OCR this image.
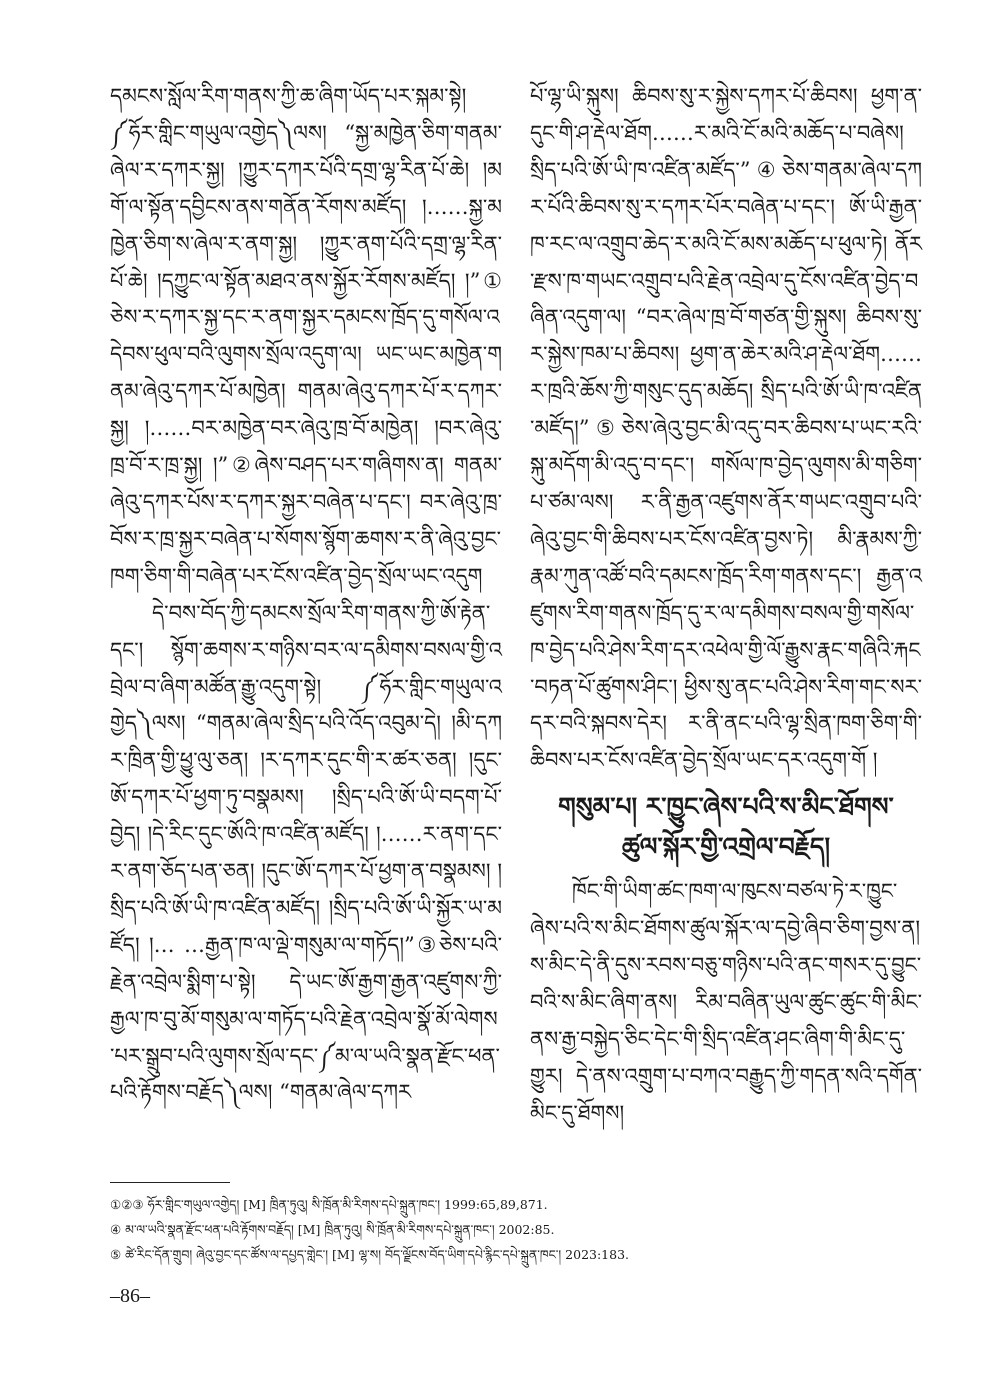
དམངས་སློལ་རིག་གནས་ཀྱི་ཆ་ཞིག་ཡོད་པར་སྐམ་སྟེ། ༼ཧོར་གླིང་གཡུལ་འགྱེད༽ལས། “སྐྱ་མཁྱེན་ཅིག་གནམ་ཞེལ་ར་དཀར་སྐྱ། །ཀྱུར་དཀར་པོའི་དགྲ་ལྷ་རིན་པོ་ཆེ། །མགོ་ལ་སྟོན་དབྱིངས་ནས་གནོན་རོགས་མཛོད། །……སྐྱ་མཁྱེན་ཅིག་ས་ཞེལ་ར་ནག་སྐྱ། །ཀྱུར་ནག་པོའི་དགྲ་ལྷ་རིན་པོ་ཆེ། །དཀྱུང་ལ་སྟོན་མཐའ་ནས་སྐྱོར་རོགས་མཛོད། །”①ཅེས་ར་དཀར་སྐྱ་དང་ར་ནག་སྐྱར་དམངས་ཁྲོད་དུ་གསོལ་འདེབས་ཕུལ་བའི་ལུགས་སྲོལ་འདུག་ལ། ཡང་ཡང་མཁྱེན་གནམ་ཞེའུ་དཀར་པོ་མཁྱེན། གནམ་ཞེའུ་དཀར་པོ་ར་དཀར་སྐྱ། །……བར་མཁྱེན་བར་ཞེའུ་ཁྲ་བོ་མཁྱེན། །བར་ཞེའུ་ཁྲ་བོ་ར་ཁྲ་སྐྱ། །”②ཞེས་བཤད་པར་གཞིགས་ན། གནམ་ཞེའུ་དཀར་པོས་ར་དཀར་སྐྱར་བཞེན་པ་དང་། བར་ཞེའུ་ཁྲ་བོས་ར་ཁྲ་སྐྱར་བཞེན་པ་སོགས་སྙོག་ཆགས་ར་ནི་ཞེའུ་བྱང་ཁག་ཅིག་གི་བཞེན་པར་ངོས་འཛིན་བྱེད་སྲོལ་ཡང་འདུག

དེ་བས་བོད་ཀྱི་དམངས་སྲོལ་རིག་གནས་ཀྱི་ཨོ་རྟེན་དང་། སྙོག་ཆགས་ར་གཉིས་བར་ལ་དམིགས་བསལ་གྱི་འབྲེལ་བ་ཞིག་མཚོན་རྒྱུ་འདུག་སྟེ། ༼ཧོར་གླིང་གཡུལ་འགྱེད༽ལས། “གནམ་ཞེལ་སྲིད་པའི་འོད་འབུམ་དེ། །མི་དཀར་ཁྲིན་གྱི་ཕྱུ་ལུ་ཅན། །ར་དཀར་དུང་གི་ར་ཚར་ཅན། །དུང་ཨོ་དཀར་པོ་ཕྱག་ཏུ་བསྣམས། །སྲིད་པའི་ཨོ་ཡི་བདག་པོ་བྱེད། །དེ་རིང་དུང་ཨོའི་ཁ་འཛིན་མཛོད། །……ར་ནག་དང་ར་ནག་ཅོད་པན་ཅན། །དུང་ཨོ་དཀར་པོ་ཕྱག་ན་བསྣམས། །སྲིད་པའི་ཨོ་ཡི་ཁ་འཛིན་མཛོད། །སྲིད་པའི་ཨོ་ཡི་སྐྱོར་ཡ་མཛོད། །… …རྒྱན་ཁ་ལ་ལྡེ་གསུམ་ལ་གཏོད།”③ཅེས་པའི་རྗེན་འབྲེལ་སྨིག་པ་སྟེ། དེ་ཡང་ཨོ་རྒྱག་རྒྱན་འཛུགས་ཀྱི་རྒྱལ་ཁ་བུ་མོ་གསུམ་ལ་གཏོད་པའི་རྗེན་འབྲེལ་སྣོ་མོ་ལེགས་པར་སྒྲུབ་པའི་ལུགས་སྲོལ་དང་༼མ་ལ་ཡའི་སྣན་རྫོང་ཕན་པའི་རྟོགས་བརྗོད༽ལས། “གནམ་ཞེལ་དཀར

པོ་ལྷ་ཡི་སྐུས། ཆིབས་སུ་ར་སྐྱེས་དཀར་པོ་ཆིབས། ཕྱག་ན་དུང་གི་ཤ་རྡེལ་ཐོག……ར་མའི་ངོ་མའི་མཆོད་པ་བཞེས། སྲིད་པའི་ཨོ་ཡི་ཁ་འཛིན་མཛོད་”④ཅེས་གནམ་ཞེལ་དཀར་པོའི་ཆིབས་སུ་ར་དཀར་པོར་བཞེན་པ་དང་། ཨོ་ཡི་རྒྱན་ཁ་རང་ལ་འགྲུབ་ཆེད་ར་མའི་ངོ་མས་མཆོད་པ་ཕུལ་ཏེ། ནོར་རྫས་ཁ་གཡང་འགྲུབ་པའི་རྗེན་འབྲེལ་དུ་ངོས་འཛིན་བྱེད་བཞིན་འདུག་ལ། “བར་ཞེལ་ཁྲ་བོ་གཙན་གྱི་སྐུས། ཆིབས་སུ་ར་སྐྱེས་ཁམ་པ་ཆིབས། ཕྱག་ན་ཆེར་མའི་ཤ་རྡེལ་ཐོག……ར་ཁྲའི་ཆོས་ཀྱི་གསུང་དུད་མཆོད། སྲིད་པའི་ཨོ་ཡི་ཁ་འཛིན་མཛོད།”⑤ཅེས་ཞེའུ་བྱང་མི་འདུ་བར་ཆིབས་པ་ཡང་རའི་སྐུ་མདོག་མི་འདུ་བ་དང་། གསོལ་ཁ་བྱེད་ལུགས་མི་གཅིག་པ་ཙམ་ལས། ར་ནི་རྒྱན་འཛུགས་ནོར་གཡང་འགྲུབ་པའི་ཞེའུ་བྱང་གི་ཆིབས་པར་ངོས་འཛིན་བྱས་ཏེ། མི་རྣམས་ཀྱི་རྣམ་ཀུན་འཚོ་བའི་དམངས་ཁྲོད་རིག་གནས་དང་། རྒྱན་འཛུགས་རིག་གནས་ཁྲོད་དུ་ར་ལ་དམིགས་བསལ་གྱི་གསོལ་ཁ་བྱེད་པའི་ཤེས་རིག་དར་འཕེལ་གྱི་ལོ་རྒྱུས་རྣང་གཞིའི་རྐང་བཏན་པོ་ཚུགས་ཤིང་། ཕྱིས་སུ་ནང་པའི་ཤེས་རིག་གང་སར་དར་བའི་སྐབས་དེར། ར་ནི་ནང་པའི་ལྷ་སྲིན་ཁག་ཅིག་གི་ཆིབས་པར་ངོས་འཛིན་བྱེད་སྲོལ་ཡང་དར་འདུག་གོ །

གསུམ་པ། ར་ཁྱུང་ཞེས་པའི་ས་མིང་ཐོགས་
ཚུལ་སྐོར་གྱི་འགྲེལ་བརྗོད།

ཁོང་གི་ཡིག་ཚང་ཁག་ལ་ཁུངས་བཙལ་ཏེ་ར་ཁྱུང་ཞེས་པའི་ས་མིང་ཐོགས་ཚུལ་སྐོར་ལ་དབྱེ་ཞིབ་ཅིག་བྱས་ན། ས་མིང་དེ་ནི་དུས་རབས་བཅུ་གཉིས་པའི་ནང་གསར་དུ་བྱུང་བའི་ས་མིང་ཞིག་ནས། རིམ་བཞིན་ཡུལ་ཚུང་ཚུང་གི་མིང་ནས་རྒྱ་བསྐྱེད་ཅིང་དེང་གི་སྲིད་འཛིན་ཤང་ཞིག་གི་མིང་དུ་གྱུར། དེ་ནས་འགྲུག་པ་བཀའ་བརྒྱུད་ཀྱི་གདན་སའི་དགོན་མིང་དུ་ཐོགས།

①②③ ཧོར་གླིང་གཡུལ་འགྱེད། [M] ཁྲིན་ཏུའུ། སི་ཁྲོན་མི་རིགས་དཔེ་སྐྲུན་ཁང་། 1999:65,89,871.
④ མ་ལ་ཡའི་སྣན་རྫོང་ཕན་པའི་རྟོགས་བརྗོད། [M] ཁྲིན་ཏུའུ། སི་ཁྲོན་མི་རིགས་དཔེ་སྐྲུན་ཁང་། 2002:85.
⑤ ཚེ་རིང་དོན་གྲུབ། ཞེའུ་བྱང་དང་ཚོས་ལ་དཔྱད་གླེང་། [M] ལྷ་ས། བོད་ལྗོངས་བོད་ཡིག་དཔེ་རྙིང་དཔེ་སྐྲུན་ཁང་། 2023:183.
–86–
